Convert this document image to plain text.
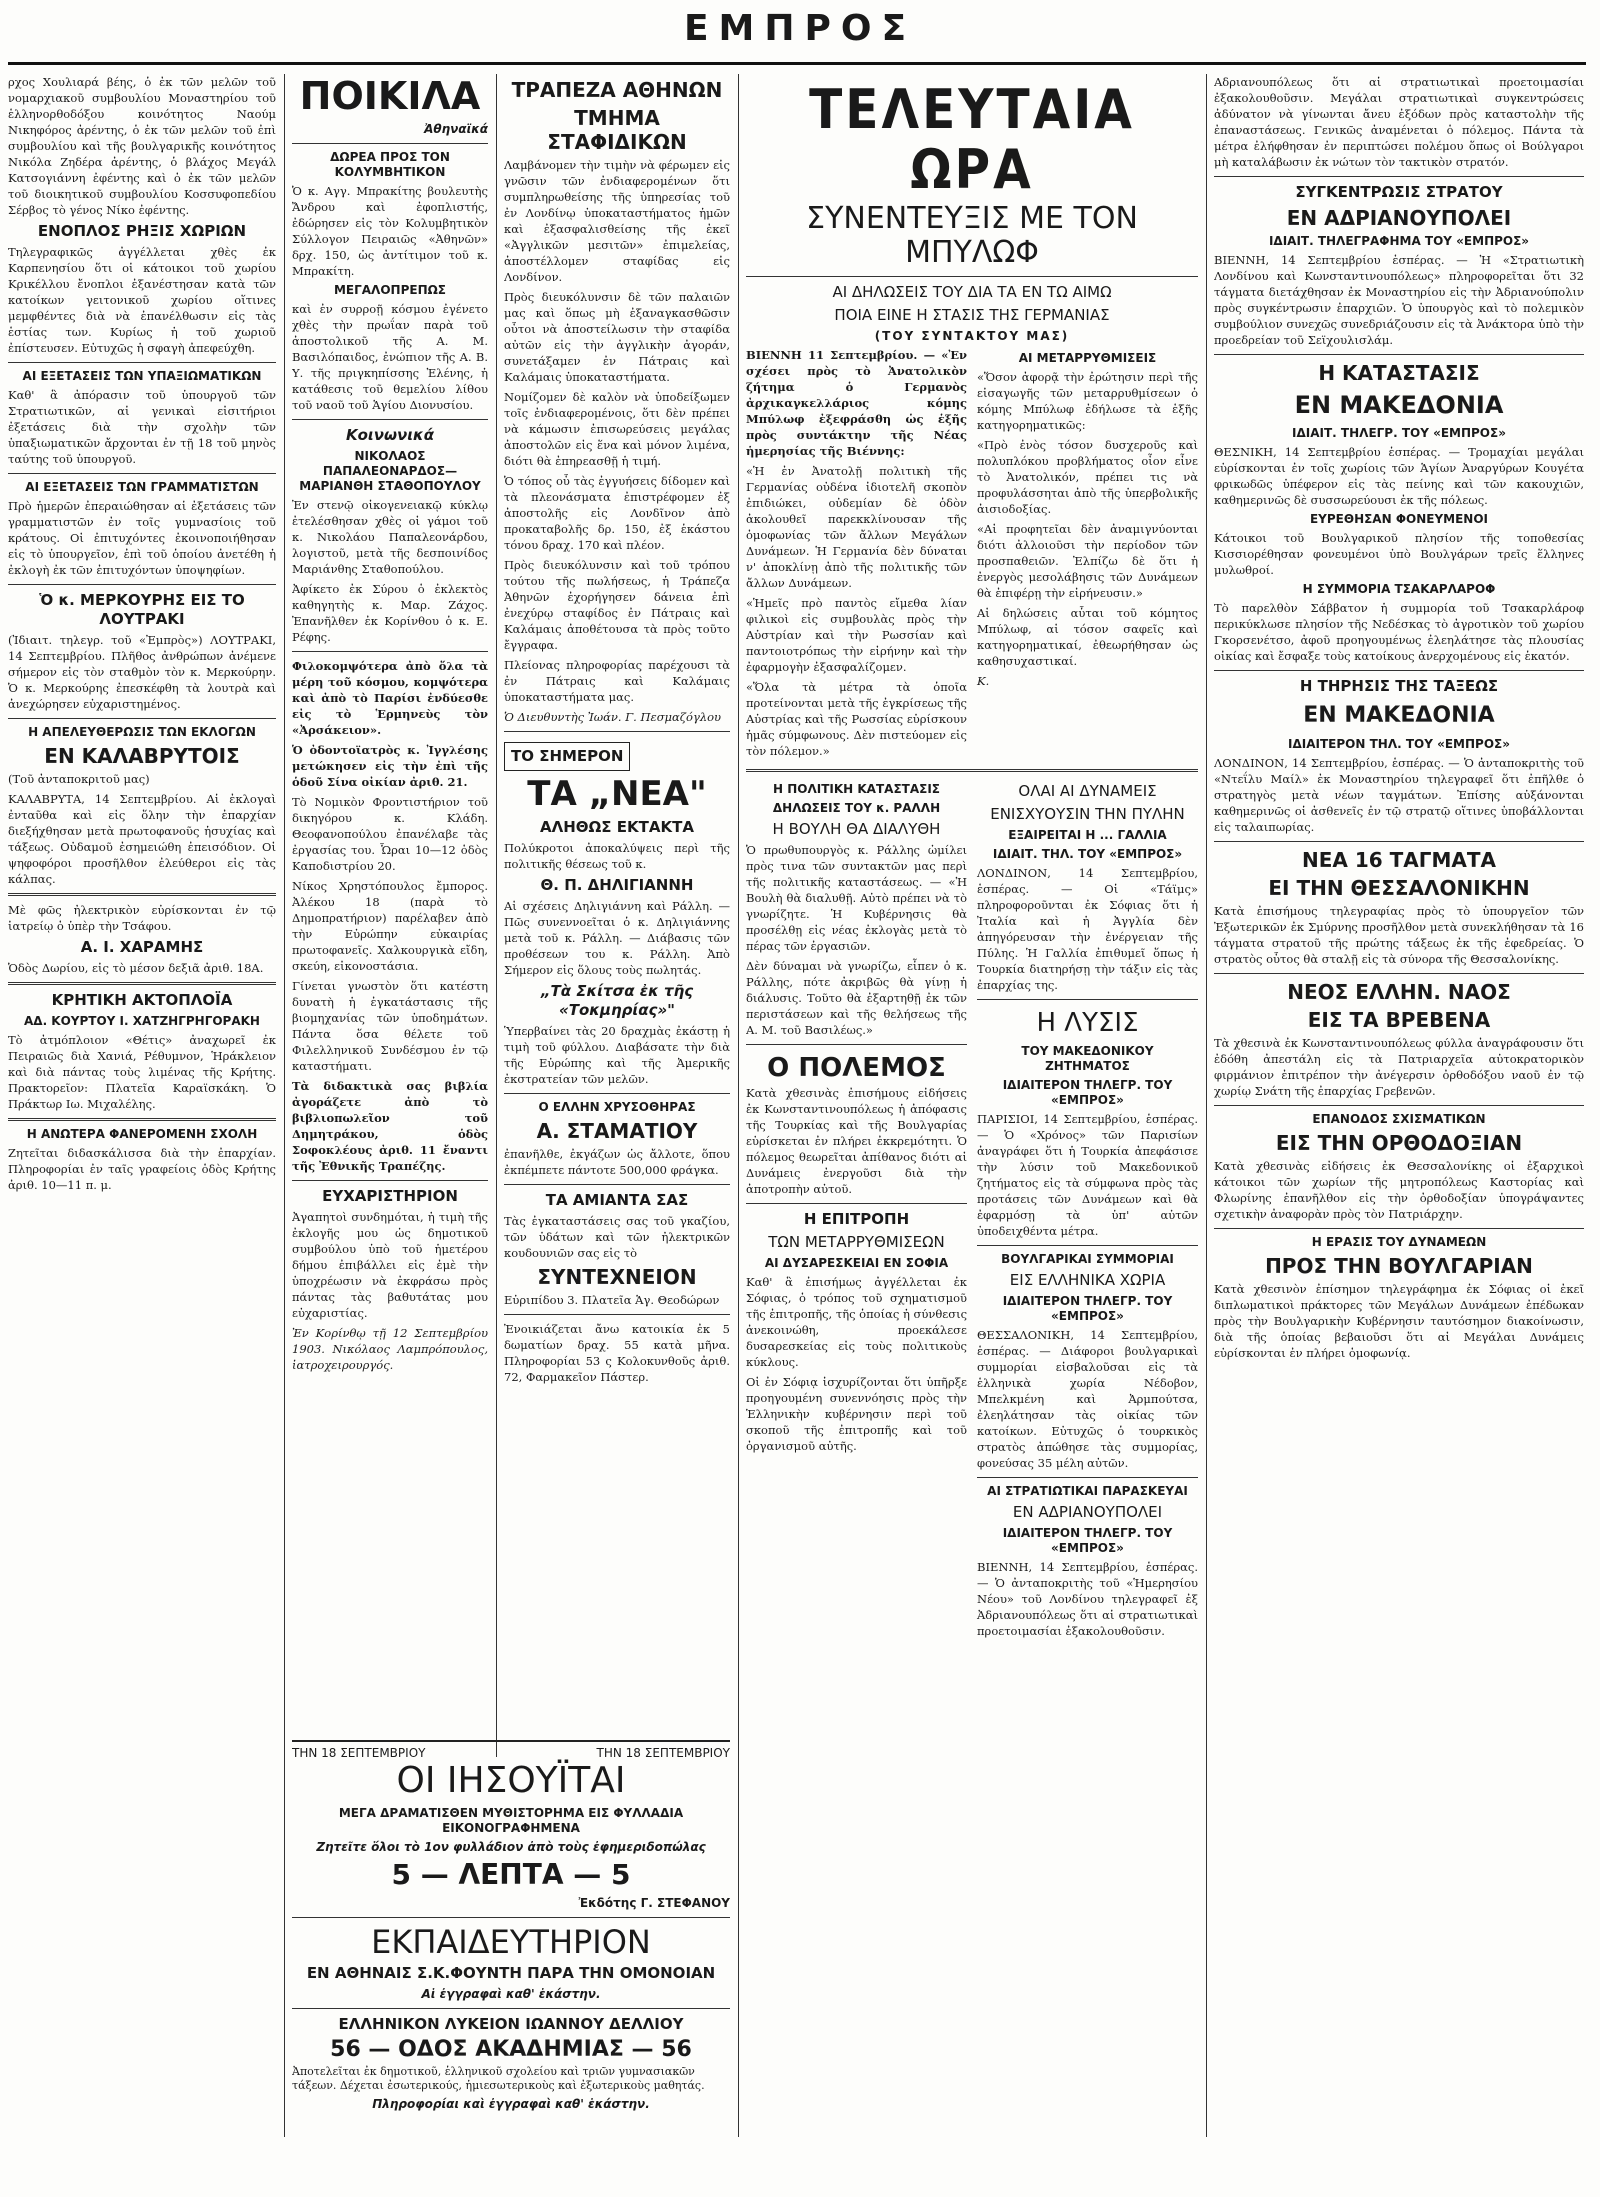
ΕΜΠΡΟΣ

ρχος Χουλιαρά βέης, ὁ ἐκ τῶν μελῶν τοῦ νομαρχιακοῦ συμβουλίου Μοναστηρίου τοῦ ἑλληνορθοδόξου κοινότητος Ναούμ Νικηφόρος ἀρέντης, ὁ ἐκ τῶν μελῶν τοῦ ἐπὶ συμβουλίου καὶ τῆς βουλγαρικῆς κοινότητος Νικόλα Ζηδέρα ἀρέντης, ὁ βλάχος Μεγάλ Κατσογιάννη ἐφέντης καὶ ὁ ἐκ τῶν μελῶν τοῦ διοικητικοῦ συμβουλίου Κοσσυφοπεδίου Σέρβος τὸ γένος Νίκο ἐφέντης.

ΕΝΟΠΛΟΣ ΡΗΞΙΣ ΧΩΡΙΩΝ

Τηλεγραφικῶς ἀγγέλλεται χθὲς ἐκ Καρπενησίου ὅτι οἱ κάτοικοι τοῦ χωρίου Κρικέλλου ἔνοπλοι ἐξανέστησαν κατὰ τῶν κατοίκων γειτονικοῦ χωρίου οἵτινες μεμφθέντες διὰ νὰ ἐπανέλθωσιν εἰς τὰς ἑστίας των. Κυρίως ἡ τοῦ χωριοῦ ἐπίστευσεν. Εὐτυχῶς ἡ σφαγὴ ἀπεφεύχθη.

ΑΙ ΕΞΕΤΑΣΕΙΣ ΤΩΝ ΥΠΑΞΙΩΜΑΤΙΚΩΝ

Καθ' ἃ ἀπόρασιν τοῦ ὑπουργοῦ τῶν Στρατιωτικῶν, αἱ γενικαὶ εἰσιτήριοι ἐξετάσεις διὰ τὴν σχολὴν τῶν ὑπαξιωματικῶν ἄρχονται ἐν τῇ 18 τοῦ μηνὸς ταύτης τοῦ ὑπουργοῦ.

ΑΙ ΕΞΕΤΑΣΕΙΣ ΤΩΝ ΓΡΑΜΜΑΤΙΣΤΩΝ

Πρὸ ἡμερῶν ἐπεραιώθησαν αἱ ἐξετάσεις τῶν γραμματιστῶν ἐν τοῖς γυμνασίοις τοῦ κράτους. Οἱ ἐπιτυχόντες ἐκοινοποιήθησαν εἰς τὸ ὑπουργεῖον, ἐπὶ τοῦ ὁποίου ἀνετέθη ἡ ἐκλογὴ ἐκ τῶν ἐπιτυχόντων ὑποψηφίων.

Ὁ κ. ΜΕΡΚΟΥΡΗΣ ΕΙΣ ΤΟ ΛΟΥΤΡΑΚΙ

(Ἰδιαιτ. τηλεγρ. τοῦ «Ἐμπρὸς») ΛΟΥΤΡΑΚΙ, 14 Σεπτεμβρίου. Πλῆθος ἀνθρώπων ἀνέμενε σήμερον εἰς τὸν σταθμὸν τὸν κ. Μερκούρην. Ὁ κ. Μερκούρης ἐπεσκέφθη τὰ λουτρὰ καὶ ἀνεχώρησεν εὐχαριστημένος.

Η ΑΠΕΛΕΥΘΕΡΩΣΙΣ ΤΩΝ ΕΚΛΟΓΩΝ
ΕΝ ΚΑΛΑΒΡΥΤΟΙΣ

(Τοῦ ἀνταποκριτοῦ μας)

ΚΑΛΑΒΡΥΤΑ, 14 Σεπτεμβρίου. Αἱ ἐκλογαὶ ἐνταῦθα καὶ εἰς ὅλην τὴν ἐπαρχίαν διεξήχθησαν μετὰ πρωτοφανοῦς ἡσυχίας καὶ τάξεως. Οὐδαμοῦ ἐσημειώθη ἐπεισόδιον. Οἱ ψηφοφόροι προσῆλθον ἐλεύθεροι εἰς τὰς κάλπας.

Μὲ φῶς ἠλεκτρικὸν εὐρίσκονται ἐν τῷ ἰατρείῳ ὁ ὑπὲρ τὴν Τσάφου.

Α. Ι. ΧΑΡΑΜΗΣ

Ὁδὸς Δωρίου, εἰς τὸ μέσον δεξιᾶ ἀριθ. 18Α.

ΚΡΗΤΙΚΗ ΑΚΤΟΠΛΟΪΑ
ΑΔ. ΚΟΥΡΤΟΥ Ι. ΧΑΤΖΗΓΡΗΓΟΡΑΚΗ

Τὸ ἀτμόπλοιον «Θέτις» ἀναχωρεῖ ἐκ Πειραιῶς διὰ Χανιά, Ρέθυμνον, Ἡράκλειον καὶ διὰ πάντας τοὺς λιμένας τῆς Κρήτης. Πρακτορεῖον: Πλατεῖα Καραϊσκάκη. Ὁ Πράκτωρ Ιω. Μιχαλέλης.

Η ΑΝΩΤΕΡΑ ΦΑΝΕΡΟΜΕΝΗ ΣΧΟΛΗ

Ζητεῖται διδασκάλισσα διὰ τὴν ἐπαρχίαν. Πληροφορίαι ἐν ταῖς γραφείοις ὁδὸς Κρήτης ἀριθ. 10—11 π. μ.

ΠΟΙΚΙΛΑ
Ἀθηναϊκά
ΔΩΡΕΑ ΠΡΟΣ ΤΟΝ ΚΟΛΥΜΒΗΤΙΚΟΝ

Ὁ κ. Αγγ. Μπρακίτης βουλευτὴς Ἄνδρου καὶ ἐφοπλιστής, ἐδώρησεν εἰς τὸν Κολυμβητικὸν Σύλλογον Πειραιῶς «Ἀθηνῶν» δρχ. 150, ὡς ἀντίτιμον τοῦ κ. Μπρακίτη.

ΜΕΓΑΛΟΠΡΕΠΩΣ

καὶ ἐν συρροῇ κόσμου ἐγένετο χθὲς τὴν πρωΐαν παρὰ τοῦ ἀποστολικοῦ τῆς Α. Μ. Βασιλόπαιδος, ἐνώπιον τῆς Α. Β. Υ. τῆς πριγκηπίσσης Ἑλένης, ἡ κατάθεσις τοῦ θεμελίου λίθου τοῦ ναοῦ τοῦ Ἁγίου Διονυσίου.

Κοινωνικά
ΝΙΚΟΛΑΟΣ ΠΑΠΑΛΕΟΝΑΡΔΟΣ—ΜΑΡΙΑΝΘΗ ΣΤΑΘΟΠΟΥΛΟΥ

Ἐν στενῷ οἰκογενειακῷ κύκλῳ ἐτελέσθησαν χθὲς οἱ γάμοι τοῦ κ. Νικολάου Παπαλεονάρδου, λογιστοῦ, μετὰ τῆς δεσποινίδος Μαριάνθης Σταθοπούλου.

Ἀφίκετο ἐκ Σύρου ὁ ἐκλεκτὸς καθηγητὴς κ. Μαρ. Ζάχος. Ἐπανῆλθεν ἐκ Κορίνθου ὁ κ. Ε. Ρέφης.

Φιλοκομψότερα ἀπὸ ὅλα τὰ μέρη τοῦ κόσμου, κομψότερα καὶ ἀπὸ τὸ Παρίσι ἐνδύεσθε εἰς τὸ Ἑρμηνεὺς τὸν «Ἀρσάκειον».

Ὁ ὀδοντοϊατρὸς κ. Ἰγγλέσης μετώκησεν εἰς τὴν ἐπὶ τῆς ὁδοῦ Σίνα οἰκίαν ἀριθ. 21.

Τὸ Νομικὸν Φροντιστήριον τοῦ δικηγόρου κ. Κλάδη. Θεοφανοπούλου ἐπανέλαβε τὰς ἐργασίας του. Ὧραι 10—12 ὁδὸς Καποδιστρίου 20.

Νίκος Χρηστόπουλος ἔμπορος. Ἀλέκου 18 (παρὰ τὸ Δημοπρατήριον) παρέλαβεν ἀπὸ τὴν Εὐρώπην εὐκαιρίας πρωτοφανεῖς. Χαλκουργικὰ εἴδη, σκεύη, εἰκονοστάσια.

Γίνεται γνωστὸν ὅτι κατέστη δυνατὴ ἡ ἐγκατάστασις τῆς βιομηχανίας τῶν ὑποδημάτων. Πάντα ὅσα θέλετε τοῦ Φιλελληνικοῦ Συνδέσμου ἐν τῷ καταστήματι.

Τὰ διδακτικὰ σας βιβλία ἀγοράζετε ἀπὸ τὸ βιβλιοπωλεῖον τοῦ Δημητράκου, ὁδὸς Σοφοκλέους ἀριθ. 11 ἔναντι τῆς Ἐθνικῆς Τραπέζης.

ΕΥΧΑΡΙΣΤΗΡΙΟΝ

Ἀγαπητοὶ συνδημόται, ἡ τιμὴ τῆς ἐκλογῆς μου ὡς δημοτικοῦ συμβούλου ὑπὸ τοῦ ἡμετέρου δήμου ἐπιβάλλει εἰς ἐμὲ τὴν ὑποχρέωσιν νὰ ἐκφράσω πρὸς πάντας τὰς βαθυτάτας μου εὐχαριστίας.

Ἐν Κορίνθῳ τῇ 12 Σεπτεμβρίου 1903. Νικόλαος Λαμπρόπουλος, ἰατροχειρουργός.

ΤΡΑΠΕΖΑ ΑΘΗΝΩΝ
ΤΜΗΜΑ ΣΤΑΦΙΔΙΚΩΝ

Λαμβάνομεν τὴν τιμὴν νὰ φέρωμεν εἰς γνῶσιν τῶν ἐνδιαφερομένων ὅτι συμπληρωθείσης τῆς ὑπηρεσίας τοῦ ἐν Λονδίνῳ ὑποκαταστήματος ἡμῶν καὶ ἐξασφαλισθείσης τῆς ἐκεῖ «Ἀγγλικῶν μεσιτῶν» ἐπιμελείας, ἀποστέλλομεν σταφίδας εἰς Λονδίνον.

Πρὸς διευκόλυνσιν δὲ τῶν παλαιῶν μας καὶ ὅπως μὴ ἐξαναγκασθῶσιν οὗτοι νὰ ἀποστείλωσιν τὴν σταφίδα αὐτῶν εἰς τὴν ἀγγλικὴν ἀγοράν, συνετάξαμεν ἐν Πάτραις καὶ Καλάμαις ὑποκαταστήματα.

Νομίζομεν δὲ καλὸν νὰ ὑποδείξωμεν τοῖς ἐνδιαφερομένοις, ὅτι δὲν πρέπει νὰ κάμωσιν ἐπισωρεύσεις μεγάλας ἀποστολῶν εἰς ἕνα καὶ μόνον λιμένα, διότι θὰ ἐπηρεασθῇ ἡ τιμή.

Ὁ τόπος οὗ τὰς ἐγγυήσεις δίδομεν καὶ τὰ πλεονάσματα ἐπιστρέφομεν ἐξ ἀποστολῆς εἰς Λονδῖνον ἀπὸ προκαταβολῆς δρ. 150, ἐξ ἑκάστου τόνου δραχ. 170 καὶ πλέον.

Πρὸς διευκόλυνσιν καὶ τοῦ τρόπου τούτου τῆς πωλήσεως, ἡ Τράπεζα Ἀθηνῶν ἐχορήγησεν δάνεια ἐπὶ ἐνεχύρῳ σταφίδος ἐν Πάτραις καὶ Καλάμαις ἀποθέτουσα τὰ πρὸς τοῦτο ἔγγραφα.

Πλείονας πληροφορίας παρέχουσι τὰ ἐν Πάτραις καὶ Καλάμαις ὑποκαταστήματα μας.

Ὁ Διευθυντὴς Ἰωάν. Γ. Πεσμαζόγλου

ΤΟ ΣΗΜΕΡΟΝ
ΤΑ „ΝΕΑ"
ΑΛΗΘΩΣ ΕΚΤΑΚΤΑ

Πολύκροτοι ἀποκαλύψεις περὶ τῆς πολιτικῆς θέσεως τοῦ κ.

Θ. Π. ΔΗΛΙΓΙΑΝΝΗ

Αἱ σχέσεις Δηλιγιάννη καὶ Ράλλη. — Πῶς συνεννοεῖται ὁ κ. Δηλιγιάννης μετὰ τοῦ κ. Ράλλη. — Διάβασις τῶν προθέσεων του κ. Ράλλη. Ἀπὸ Σήμερον εἰς ὅλους τοὺς πωλητάς.

„Τὰ Σκίτσα ἐκ τῆς «Τοκμηρίας»"

Ὑπερβαίνει τὰς 20 δραχμὰς ἐκάστῃ ἡ τιμὴ τοῦ φύλλου. Διαβάσατε τὴν διὰ τῆς Εὐρώπης καὶ τῆς Ἀμερικῆς ἐκστρατείαν τῶν μελῶν.

Ο ΕΛΛΗΝ ΧΡΥΣΟΘΗΡΑΣ
Α. ΣΤΑΜΑΤΙΟΥ

ἐπανῆλθε, ἐκγάζων ὡς ἄλλοτε, ὅπου ἐκπέμπετε πάντοτε 500,000 φράγκα.

ΤΑ ΑΜΙΑΝΤΑ ΣΑΣ

Τὰς ἐγκαταστάσεις σας τοῦ γκαζίου, τῶν ὑδάτων καὶ τῶν ἠλεκτρικῶν κουδουνιῶν σας εἰς τὸ

ΣΥΝΤΕΧΝΕΙΟΝ

Εὐριπίδου 3. Πλατεῖα Ἁγ. Θεοδώρων

Ἐνοικιάζεται ἄνω κατοικία ἐκ 5 δωματίων δραχ. 55 κατὰ μῆνα. Πληροφορίαι 53 ς Κολοκυνθοῦς ἀριθ. 72, Φαρμακεῖον Πάστερ.

ΤΗΝ 18 ΣΕΠΤΕΜΒΡΙΟΥ	ΤΗΝ 18 ΣΕΠΤΕΜΒΡΙΟΥ
ΟΙ ΙΗΣΟΥΪΤΑΙ
ΜΕΓΑ ΔΡΑΜΑΤΙΣΘΕΝ ΜΥΘΙΣΤΟΡΗΜΑ ΕΙΣ ΦΥΛΛΑΔΙΑ ΕΙΚΟΝΟΓΡΑΦΗΜΕΝΑ
Ζητεῖτε ὅλοι τὸ 1ον φυλλάδιον ἀπὸ τοὺς ἐφημεριδοπώλας
5 — ΛΕΠΤΑ — 5
Ἐκδότης Γ. ΣΤΕΦΑΝΟΥ
ΕΚΠΑΙΔΕΥΤΗΡΙΟΝ
ΕΝ ΑΘΗΝΑΙΣ Σ.Κ.ΦΟΥΝΤΗ ΠΑΡΑ ΤΗΝ ΟΜΟΝΟΙΑΝ
Αἱ ἐγγραφαὶ καθ' ἑκάστην.
ΕΛΛΗΝΙΚΟΝ ΛΥΚΕΙΟΝ ΙΩΑΝΝΟΥ ΔΕΛΛΙΟΥ
56 — ΟΔΟΣ ΑΚΑΔΗΜΙΑΣ — 56

Ἀποτελεῖται ἐκ δημοτικοῦ, ἑλληνικοῦ σχολείου καὶ τριῶν γυμνασιακῶν τάξεων. Δέχεται ἐσωτερικούς, ἡμιεσωτερικοὺς καὶ ἐξωτερικοὺς μαθητάς.

Πληροφορίαι καὶ ἐγγραφαὶ καθ' ἑκάστην.
ΤΕΛΕΥΤΑΙΑ ΩΡΑ
ΣΥΝΕΝΤΕΥΞΙΣ ΜΕ ΤΟΝ ΜΠΥΛΩΦ
ΑΙ ΔΗΛΩΣΕΙΣ ΤΟΥ ΔΙΑ ΤΑ ΕΝ ΤΩ ΑΙΜΩ
ΠΟΙΑ ΕΙΝΕ Η ΣΤΑΣΙΣ ΤΗΣ ΓΕΡΜΑΝΙΑΣ
(ΤΟΥ ΣΥΝΤΑΚΤΟΥ ΜΑΣ)

ΒΙΕΝΝΗ 11 Σεπτεμβρίου. — «Ἐν σχέσει πρὸς τὸ Ἀνατολικὸν ζήτημα ὁ Γερμανὸς ἀρχικαγκελλάριος κόμης Μπύλωφ ἐξεφράσθη ὡς ἑξῆς πρὸς συντάκτην τῆς Νέας ἡμερησίας τῆς Βιέννης:

«Ἡ ἐν Ἀνατολῇ πολιτικὴ τῆς Γερμανίας οὐδένα ἰδιοτελῆ σκοπὸν ἐπιδιώκει, οὐδεμίαν δὲ ὁδὸν ἀκολουθεῖ παρεκκλίνουσαν τῆς ὁμοφωνίας τῶν ἄλλων Μεγάλων Δυνάμεων. Ἡ Γερμανία δὲν δύναται ν' ἀποκλίνῃ ἀπὸ τῆς πολιτικῆς τῶν ἄλλων Δυνάμεων.

«Ἡμεῖς πρὸ παντὸς εἴμεθα λίαν φιλικοὶ εἰς συμβουλὰς πρὸς τὴν Αὐστρίαν καὶ τὴν Ρωσσίαν καὶ παντοιοτρόπως τὴν εἰρήνην καὶ τὴν ἐφαρμογὴν ἐξασφαλίζομεν.

«Ὅλα τὰ μέτρα τὰ ὁποῖα προτείνονται μετὰ τῆς ἐγκρίσεως τῆς Αὐστρίας καὶ τῆς Ρωσσίας εὑρίσκουν ἡμᾶς σύμφωνους. Δὲν πιστεύομεν εἰς τὸν πόλεμον.»

ΑΙ ΜΕΤΑΡΡΥΘΜΙΣΕΙΣ

«Ὅσον ἀφορᾷ τὴν ἐρώτησιν περὶ τῆς εἰσαγωγῆς τῶν μεταρρυθμίσεων ὁ κόμης Μπύλωφ ἐδήλωσε τὰ ἑξῆς κατηγορηματικῶς:

«Πρὸ ἐνὸς τόσον δυσχεροῦς καὶ πολυπλόκου προβλήματος οἷον εἶνε τὸ Ἀνατολικόν, πρέπει τις νὰ προφυλάσσηται ἀπὸ τῆς ὑπερβολικῆς ἀισιοδοξίας.

«Αἱ προφητεῖαι δὲν ἀναμιγνύονται διότι ἀλλοιοῦσι τὴν περίοδον τῶν προσπαθειῶν. Ἐλπίζω δὲ ὅτι ἡ ἐνεργὸς μεσολάβησις τῶν Δυνάμεων θὰ ἐπιφέρῃ τὴν εἰρήνευσιν.»

Αἱ δηλώσεις αὗται τοῦ κόμητος Μπύλωφ, αἱ τόσον σαφεῖς καὶ κατηγορηματικαί, ἐθεωρήθησαν ὡς καθησυχαστικαί.

Κ.

Η ΠΟΛΙΤΙΚΗ ΚΑΤΑΣΤΑΣΙΣ
ΔΗΛΩΣΕΙΣ ΤΟΥ κ. ΡΑΛΛΗ
Η ΒΟΥΛΗ ΘΑ ΔΙΑΛΥΘΗ

Ὁ πρωθυπουργὸς κ. Ράλλης ὡμίλει πρὸς τινα τῶν συντακτῶν μας περὶ τῆς πολιτικῆς καταστάσεως. — «Ἡ Βουλὴ θὰ διαλυθῇ. Αὐτὸ πρέπει νὰ τὸ γνωρίζητε. Ἡ Κυβέρνησις θὰ προσέλθῃ εἰς νέας ἐκλογὰς μετὰ τὸ πέρας τῶν ἐργασιῶν.

Δὲν δύναμαι νὰ γνωρίζω, εἶπεν ὁ κ. Ράλλης, πότε ἀκριβῶς θὰ γίνῃ ἡ διάλυσις. Τοῦτο θὰ ἐξαρτηθῇ ἐκ τῶν περιστάσεων καὶ τῆς θελήσεως τῆς Α. Μ. τοῦ Βασιλέως.»

Ο ΠΟΛΕΜΟΣ

Κατὰ χθεσινὰς ἐπισήμους εἰδήσεις ἐκ Κωνσταντινουπόλεως ἡ ἀπόφασις τῆς Τουρκίας καὶ τῆς Βουλγαρίας εὑρίσκεται ἐν πλήρει ἐκκρεμότητι. Ὁ πόλεμος θεωρεῖται ἀπίθανος διότι αἱ Δυνάμεις ἐνεργοῦσι διὰ τὴν ἀποτροπὴν αὐτοῦ.

Η ΕΠΙΤΡΟΠΗ
ΤΩΝ ΜΕΤΑΡΡΥΘΜΙΣΕΩΝ
ΑΙ ΔΥΣΑΡΕΣΚΕΙΑΙ ΕΝ ΣΟΦΙΑ

Καθ' ἃ ἐπισήμως ἀγγέλλεται ἐκ Σόφιας, ὁ τρόπος τοῦ σχηματισμοῦ τῆς ἐπιτροπῆς, τῆς ὁποίας ἡ σύνθεσις ἀνεκοινώθη, προεκάλεσε δυσαρεσκείας εἰς τοὺς πολιτικοὺς κύκλους.

Οἱ ἐν Σόφιᾳ ἰσχυρίζονται ὅτι ὑπῆρξε προηγουμένη συνεννόησις πρὸς τὴν Ἑλληνικὴν κυβέρνησιν περὶ τοῦ σκοποῦ τῆς ἐπιτροπῆς καὶ τοῦ ὀργανισμοῦ αὐτῆς.

ΟΛΑΙ ΑΙ ΔΥΝΑΜΕΙΣ
ΕΝΙΣΧΥΟΥΣΙΝ ΤΗΝ ΠΥΛΗΝ
ΕΞΑΙΡΕΙΤΑΙ Η ... ΓΑΛΛΙΑ
ΙΔΙΑΙΤ. ΤΗΛ. ΤΟΥ «ΕΜΠΡΟΣ»

ΛΟΝΔΙΝΟΝ, 14 Σεπτεμβρίου, ἑσπέρας. — Οἱ «Τάϊμς» πληροφοροῦνται ἐκ Σόφιας ὅτι ἡ Ἰταλία καὶ ἡ Ἀγγλία δὲν ἀπηγόρευσαν τὴν ἐνέργειαν τῆς Πύλης. Ἡ Γαλλία ἐπιθυμεῖ ὅπως ἡ Τουρκία διατηρήσῃ τὴν τάξιν εἰς τὰς ἐπαρχίας της.

Η ΛΥΣΙΣ
ΤΟΥ ΜΑΚΕΔΟΝΙΚΟΥ ΖΗΤΗΜΑΤΟΣ
ΙΔΙΑΙΤΕΡΟΝ ΤΗΛΕΓΡ. ΤΟΥ «ΕΜΠΡΟΣ»

ΠΑΡΙΣΙΟΙ, 14 Σεπτεμβρίου, ἑσπέρας. — Ὁ «Χρόνος» τῶν Παρισίων ἀναγράφει ὅτι ἡ Τουρκία ἀπεφάσισε τὴν λύσιν τοῦ Μακεδονικοῦ ζητήματος εἰς τὰ σύμφωνα πρὸς τὰς προτάσεις τῶν Δυνάμεων καὶ θὰ ἐφαρμόσῃ τὰ ὑπ' αὐτῶν ὑποδειχθέντα μέτρα.

ΒΟΥΛΓΑΡΙΚΑΙ ΣΥΜΜΟΡΙΑΙ
ΕΙΣ ΕΛΛΗΝΙΚΑ ΧΩΡΙΑ
ΙΔΙΑΙΤΕΡΟΝ ΤΗΛΕΓΡ. ΤΟΥ «ΕΜΠΡΟΣ»

ΘΕΣΣΑΛΟΝΙΚΗ, 14 Σεπτεμβρίου, ἑσπέρας. — Διάφοροι βουλγαρικαὶ συμμορίαι εἰσβαλοῦσαι εἰς τὰ ἑλληνικὰ χωρία Νέδοβον, Μπελκμένη καὶ Ἀρμπούτσα, ἐλεηλάτησαν τὰς οἰκίας τῶν κατοίκων. Εὐτυχῶς ὁ τουρκικὸς στρατὸς ἀπώθησε τὰς συμμορίας, φονεύσας 35 μέλη αὐτῶν.

ΑΙ ΣΤΡΑΤΙΩΤΙΚΑΙ ΠΑΡΑΣΚΕΥΑΙ
ΕΝ ΑΔΡΙΑΝΟΥΠΟΛΕΙ
ΙΔΙΑΙΤΕΡΟΝ ΤΗΛΕΓΡ. ΤΟΥ «ΕΜΠΡΟΣ»

ΒΙΕΝΝΗ, 14 Σεπτεμβρίου, ἑσπέρας. — Ὁ ἀνταποκριτὴς τοῦ «Ἡμερησίου Νέου» τοῦ Λονδίνου τηλεγραφεῖ ἐξ Ἀδριανουπόλεως ὅτι αἱ στρατιωτικαὶ προετοιμασίαι ἐξακολουθοῦσιν.

Αδριανουπόλεως ὅτι αἱ στρατιωτικαὶ προετοιμασίαι ἐξακολουθοῦσιν. Μεγάλαι στρατιωτικαὶ συγκεντρώσεις ἀδύνατον νὰ γίνωνται ἄνευ ἐξόδων πρὸς καταστολὴν τῆς ἐπαναστάσεως. Γενικῶς ἀναμένεται ὁ πόλεμος. Πάντα τὰ μέτρα ἐλήφθησαν ἐν περιπτώσει πολέμου ὅπως οἱ Βούλγαροι μὴ καταλάβωσιν ἐκ νώτων τὸν τακτικὸν στρατόν.

ΣΥΓΚΕΝΤΡΩΣΙΣ ΣΤΡΑΤΟΥ
ΕΝ ΑΔΡΙΑΝΟΥΠΟΛΕΙ
ΙΔΙΑΙΤ. ΤΗΛΕΓΡΑΦΗΜΑ ΤΟΥ «ΕΜΠΡΟΣ»

ΒΙΕΝΝΗ, 14 Σεπτεμβρίου ἑσπέρας. — Ἡ «Στρατιωτικὴ Λονδίνου καὶ Κωνσταντινουπόλεως» πληροφορεῖται ὅτι 32 τάγματα διετάχθησαν ἐκ Μοναστηρίου εἰς τὴν Ἀδριανούπολιν πρὸς συγκέντρωσιν ἐπαρχιῶν. Ὁ ὑπουργὸς καὶ τὸ πολεμικὸν συμβούλιον συνεχῶς συνεδριάζουσιν εἰς τὰ Ἀνάκτορα ὑπὸ τὴν προεδρείαν τοῦ Σεϊχουλισλάμ.

Η ΚΑΤΑΣΤΑΣΙΣ
ΕΝ ΜΑΚΕΔΟΝΙΑ
ΙΔΙΑΙΤ. ΤΗΛΕΓΡ. ΤΟΥ «ΕΜΠΡΟΣ»

ΘΕΣΝΙΚΗ, 14 Σεπτεμβρίου ἑσπέρας. — Τρομαχίαι μεγάλαι εὑρίσκονται ἐν τοῖς χωρίοις τῶν Ἁγίων Ἀναργύρων Κουγέτα φρικωδῶς ὑπέφερον εἰς τὰς πείνης καὶ τῶν κακουχιῶν, καθημερινῶς δὲ συσσωρεύουσι ἐκ τῆς πόλεως.

ΕΥΡΕΘΗΣΑΝ ΦΟΝΕΥΜΕΝΟΙ

Κάτοικοι τοῦ Βουλγαρικοῦ πλησίον τῆς τοποθεσίας Κισσιορέθησαν φονευμένοι ὑπὸ Βουλγάρων τρεῖς ἕλληνες μυλωθροί.

Η ΣΥΜΜΟΡΙΑ ΤΣΑΚΑΡΛΑΡΟΦ

Τὸ παρελθὸν Σάββατον ἡ συμμορία τοῦ Τσακαρλάροφ περικύκλωσε πλησίον τῆς Νεδέσκας τὸ ἀγροτικὸν τοῦ χωρίου Γκορσενέτσο, ἀφοῦ προηγουμένως ἐλεηλάτησε τὰς πλουσίας οἰκίας καὶ ἔσφαξε τοὺς κατοίκους ἀνερχομένους εἰς ἑκατόν.

Η ΤΗΡΗΣΙΣ ΤΗΣ ΤΑΞΕΩΣ
ΕΝ ΜΑΚΕΔΟΝΙΑ
ΙΔΙΑΙΤΕΡΟΝ ΤΗΛ. ΤΟΥ «ΕΜΠΡΟΣ»

ΛΟΝΔΙΝΟΝ, 14 Σεπτεμβρίου, ἑσπέρας. — Ὁ ἀνταποκριτὴς τοῦ «Ντεΐλυ Μαίλ» ἐκ Μοναστηρίου τηλεγραφεῖ ὅτι ἐπῆλθε ὁ στρατηγὸς μετὰ νέων ταγμάτων. Ἐπίσης αὐξάνονται καθημερινῶς οἱ ἀσθενεῖς ἐν τῷ στρατῷ οἵτινες ὑποβάλλονται εἰς ταλαιπωρίας.

ΝΕΑ 16 ΤΑΓΜΑΤΑ
ΕΙ ΤΗΝ ΘΕΣΣΑΛΟΝΙΚΗΝ

Κατὰ ἐπισήμους τηλεγραφίας πρὸς τὸ ὑπουργεῖον τῶν Ἐξωτερικῶν ἐκ Σμύρνης προσῆλθον μετὰ συνεκλήθησαν τὰ 16 τάγματα στρατοῦ τῆς πρώτης τάξεως ἐκ τῆς ἐφεδρείας. Ὁ στρατὸς οὗτος θὰ σταλῇ εἰς τὰ σύνορα τῆς Θεσσαλονίκης.

ΝΕΟΣ ΕΛΛΗΝ. ΝΑΟΣ
ΕΙΣ ΤΑ ΒΡΕΒΕΝΑ

Τὰ χθεσινὰ ἐκ Κωνσταντινουπόλεως φύλλα ἀναγράφουσιν ὅτι ἐδόθη ἀπεστάλη εἰς τὰ Πατριαρχεῖα αὐτοκρατορικὸν φιρμάνιον ἐπιτρέπον τὴν ἀνέγερσιν ὀρθοδόξου ναοῦ ἐν τῷ χωρίῳ Σνάτη τῆς ἐπαρχίας Γρεβενῶν.

ΕΠΑΝΟΔΟΣ ΣΧΙΣΜΑΤΙΚΩΝ
ΕΙΣ ΤΗΝ ΟΡΘΟΔΟΞΙΑΝ

Κατὰ χθεσινὰς εἰδήσεις ἐκ Θεσσαλονίκης οἱ ἐξαρχικοὶ κάτοικοι τῶν χωρίων τῆς μητροπόλεως Καστορίας καὶ Φλωρίνης ἐπανῆλθον εἰς τὴν ὀρθοδοξίαν ὑπογράψαντες σχετικὴν ἀναφορὰν πρὸς τὸν Πατριάρχην.

Η ΕΡΑΣΙΣ ΤΟΥ ΔΥΝΑΜΕΩΝ
ΠΡΟΣ ΤΗΝ ΒΟΥΛΓΑΡΙΑΝ

Κατὰ χθεσινὸν ἐπίσημον τηλεγράφημα ἐκ Σόφιας οἱ ἐκεῖ διπλωματικοὶ πράκτορες τῶν Μεγάλων Δυνάμεων ἐπέδωκαν πρὸς τὴν Βουλγαρικὴν Κυβέρνησιν ταυτόσημον διακοίνωσιν, διὰ τῆς ὁποίας βεβαιοῦσι ὅτι αἱ Μεγάλαι Δυνάμεις εὑρίσκονται ἐν πλήρει ὁμοφωνίᾳ.
